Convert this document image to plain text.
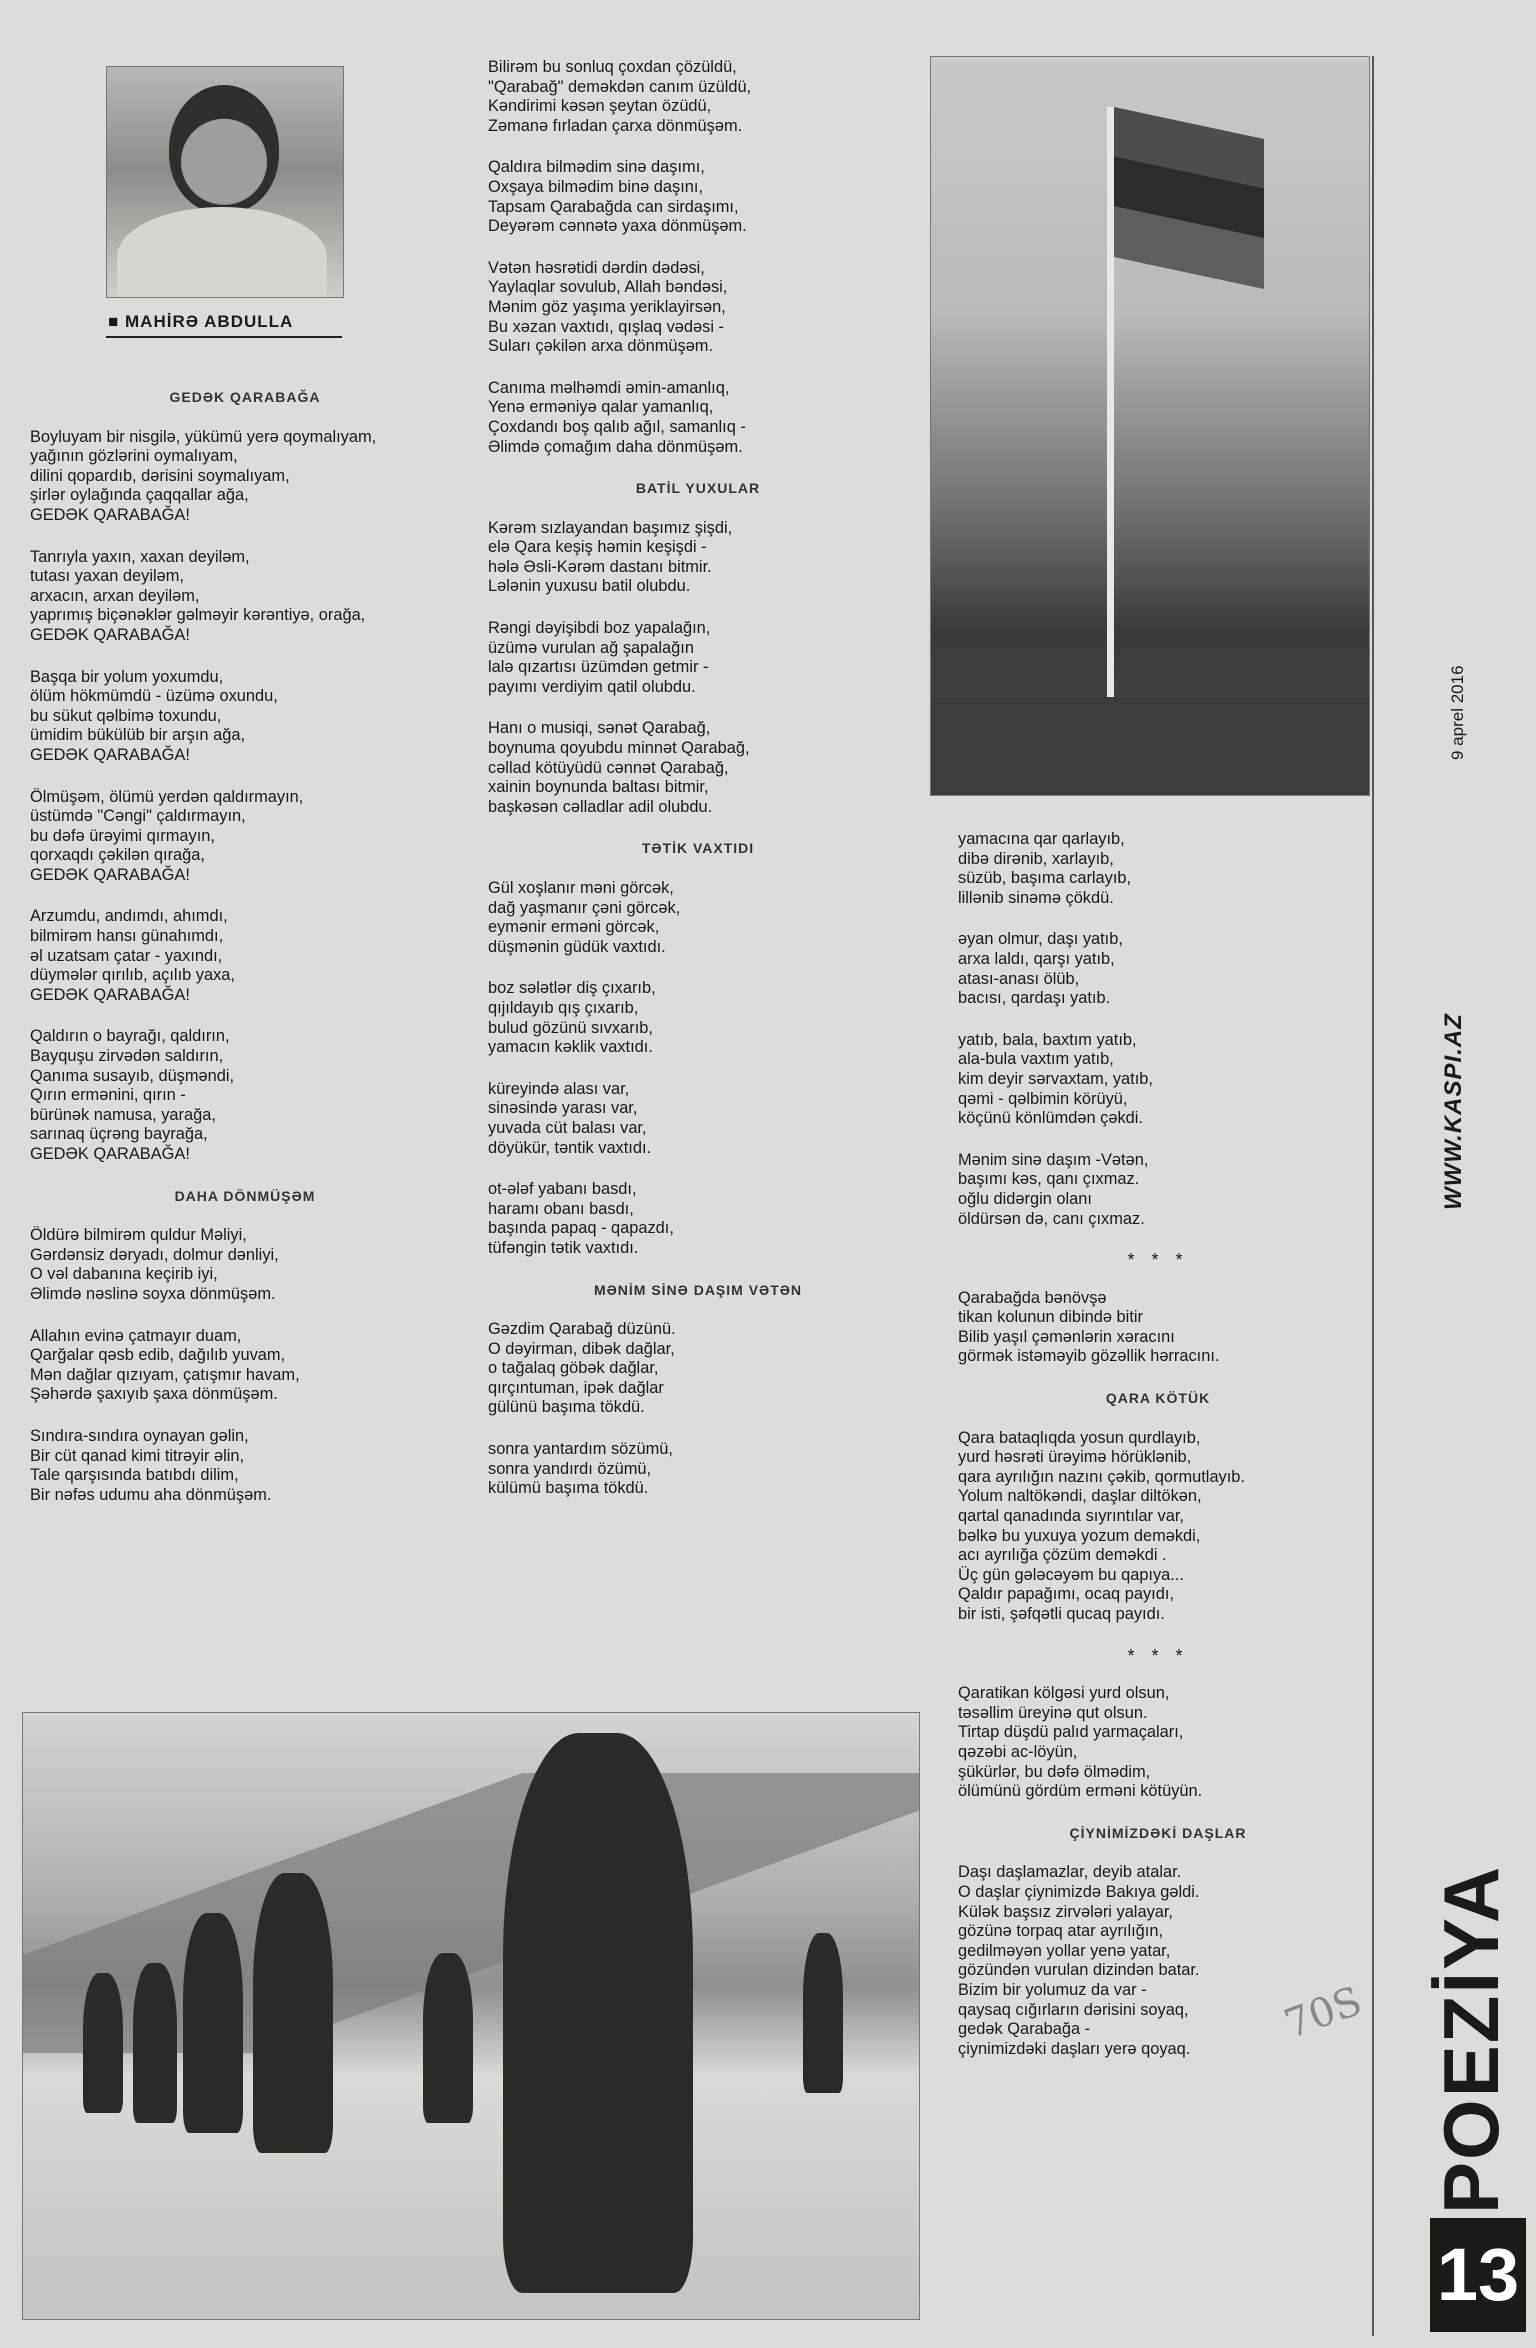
■ MAHİRƏ ABDULLA
GEDƏK QARABAĞA

Boyluyam bir nisgilə, yükümü yerə qoymalıyam,
yağının gözlərini oymalıyam,
dilini qopardıb, dərisini soymalıyam,
şirlər oylağında çaqqallar ağa,
GEDƏK QARABAĞA!

Tanrıyla yaxın, xaxan deyiləm,
tutası yaxan deyiləm,
arxacın, arxan deyiləm,
yaprımış biçənəklər gəlməyir kərəntiyə, orağa,
GEDƏK QARABAĞA!

Başqa bir yolum yoxumdu,
ölüm hökmümdü - üzümə oxundu,
bu sükut qəlbimə toxundu,
ümidim bükülüb bir arşın ağa,
GEDƏK QARABAĞA!

Ölmüşəm, ölümü yerdən qaldırmayın,
üstümdə "Cəngi" çaldırmayın,
bu dəfə ürəyimi qırmayın,
qorxaqdı çəkilən qırağa,
GEDƏK QARABAĞA!

Arzumdu, andımdı, ahımdı,
bilmirəm hansı günahımdı,
əl uzatsam çatar - yaxındı,
düymələr qırılıb, açılıb yaxa,
GEDƏK QARABAĞA!

Qaldırın o bayrağı, qaldırın,
Bayquşu zirvədən saldırın,
Qanıma susayıb, düşməndi,
Qırın ermənini, qırın -
bürünək namusa, yarağa,
sarınaq üçrəng bayrağa,
GEDƏK QARABAĞA!

DAHA DÖNMÜŞƏM

Öldürə bilmirəm quldur Məliyi,
Gərdənsiz dəryadı, dolmur dənliyi,
O vəl dabanına keçirib iyi,
Əlimdə nəslinə soyxa dönmüşəm.

Allahın evinə çatmayır duam,
Qarğalar qəsb edib, dağılıb yuvam,
Mən dağlar qızıyam, çatışmır havam,
Şəhərdə şaxıyıb şaxa dönmüşəm.

Sındıra-sındıra oynayan gəlin,
Bir cüt qanad kimi titrəyir əlin,
Tale qarşısında batıbdı dilim,
Bir nəfəs udumu aha dönmüşəm.

Bilirəm bu sonluq çoxdan çözüldü,
"Qarabağ" deməkdən canım üzüldü,
Kəndirimi kəsən şeytan özüdü,
Zəmanə fırladan çarxa dönmüşəm.

Qaldıra bilmədim sinə daşımı,
Oxşaya bilmədim binə daşını,
Tapsam Qarabağda can sirdaşımı,
Deyərəm cənnətə yaxa dönmüşəm.

Vətən həsrətidi dərdin dədəsi,
Yaylaqlar sovulub, Allah bəndəsi,
Mənim göz yaşıma yeriklayirsən,
Bu xəzan vaxtıdı, qışlaq vədəsi -
Suları çəkilən arxa dönmüşəm.

Canıma məlhəmdi əmin-amanlıq,
Yenə erməniyə qalar yamanlıq,
Çoxdandı boş qalıb ağıl, samanlıq -
Əlimdə çomağım daha dönmüşəm.

BATİL YUXULAR

Kərəm sızlayandan başımız şişdi,
elə Qara keşiş həmin keşişdi -
hələ Əsli-Kərəm dastanı bitmir.
Lələnin yuxusu batil olubdu.

Rəngi dəyişibdi boz yapalağın,
üzümə vurulan ağ şapalağın
lalə qızartısı üzümdən getmir -
payımı verdiyim qatil olubdu.

Hanı o musiqi, sənət Qarabağ,
boynuma qoyubdu minnət Qarabağ,
cəllad kötüyüdü cənnət Qarabağ,
xainin boynunda baltası bitmir,
başkəsən cəlladlar adil olubdu.

TƏTİK VAXTIDI

Gül xoşlanır məni görcək,
dağ yaşmanır çəni görcək,
eymənir erməni görcək,
düşmənin güdük vaxtıdı.

boz sələtlər diş çıxarıb,
qıjıldayıb qış çıxarıb,
bulud gözünü sıvxarıb,
yamacın kəklik vaxtıdı.

küreyində alası var,
sinəsində yarası var,
yuvada cüt balası var,
döyükür, təntik vaxtıdı.

ot-ələf yabanı basdı,
haramı obanı basdı,
başında papaq - qapazdı,
tüfəngin tətik vaxtıdı.

MƏNİM SİNƏ DAŞIM VƏTƏN

Gəzdim Qarabağ düzünü.
O dəyirman, dibək dağlar,
o tağalaq göbək dağlar,
qırçıntuman, ipək dağlar
gülünü başıma tökdü.

sonra yantardım sözümü,
sonra yandırdı özümü,
külümü başıma tökdü.

yamacına qar qarlayıb,
dibə dirənib, xarlayıb,
süzüb, başıma carlayıb,
lillənib sinəmə çökdü.

əyan olmur, daşı yatıb,
arxa laldı, qarşı yatıb,
atası-anası ölüb,
bacısı, qardaşı yatıb.

yatıb, bala, baxtım yatıb,
ala-bula vaxtım yatıb,
kim deyir sərvaxtam, yatıb,
qəmi - qəlbimin körüyü,
köçünü könlümdən çəkdi.

Mənim sinə daşım -Vətən,
başımı kəs, qanı çıxmaz.
oğlu didərgin olanı
öldürsən də, canı çıxmaz.

* * *

Qarabağda bənövşə
tikan kolunun dibində bitir
Bilib yaşıl çəmənlərin xəracını
görmək istəməyib gözəllik hərracını.

QARA KÖTÜK

Qara bataqlıqda yosun qurdlayıb,
yurd həsrəti ürəyimə hörüklənib,
qara ayrılığın nazını çəkib, qormutlayıb.
Yolum naltökəndi, daşlar diltökən,
qartal qanadında sıyrıntılar var,
bəlkə bu yuxuya yozum deməkdi,
acı ayrılığa çözüm deməkdi .
Üç gün gələcəyəm bu qapıya...
Qaldır papağımı, ocaq payıdı,
bir isti, şəfqətli qucaq payıdı.

* * *

Qaratikan kölgəsi yurd olsun,
təsəllim üreyinə qut olsun.
Tirtap düşdü palıd yarmaçaları,
qəzəbi ac-löyün,
şükürlər, bu dəfə ölmədim,
ölümünü gördüm erməni kötüyün.

ÇİYNİMİZDƏKİ DAŞLAR

Daşı daşlamazlar, deyib atalar.
O daşlar çiynimizdə Bakıya gəldi.
Külək başsız zirvələri yalayar,
gözünə torpaq atar ayrılığın,
gedilməyən yollar yenə yatar,
gözündən vurulan dizindən batar.
Bizim bir yolumuz da var -
qaysaq cığırların dərisini soyaq,
gedək Qarabağa -
çiynimizdəki daşları yerə qoyaq.

9 aprel 2016
WWW.KASPI.AZ
POEZİYA
13
70S
